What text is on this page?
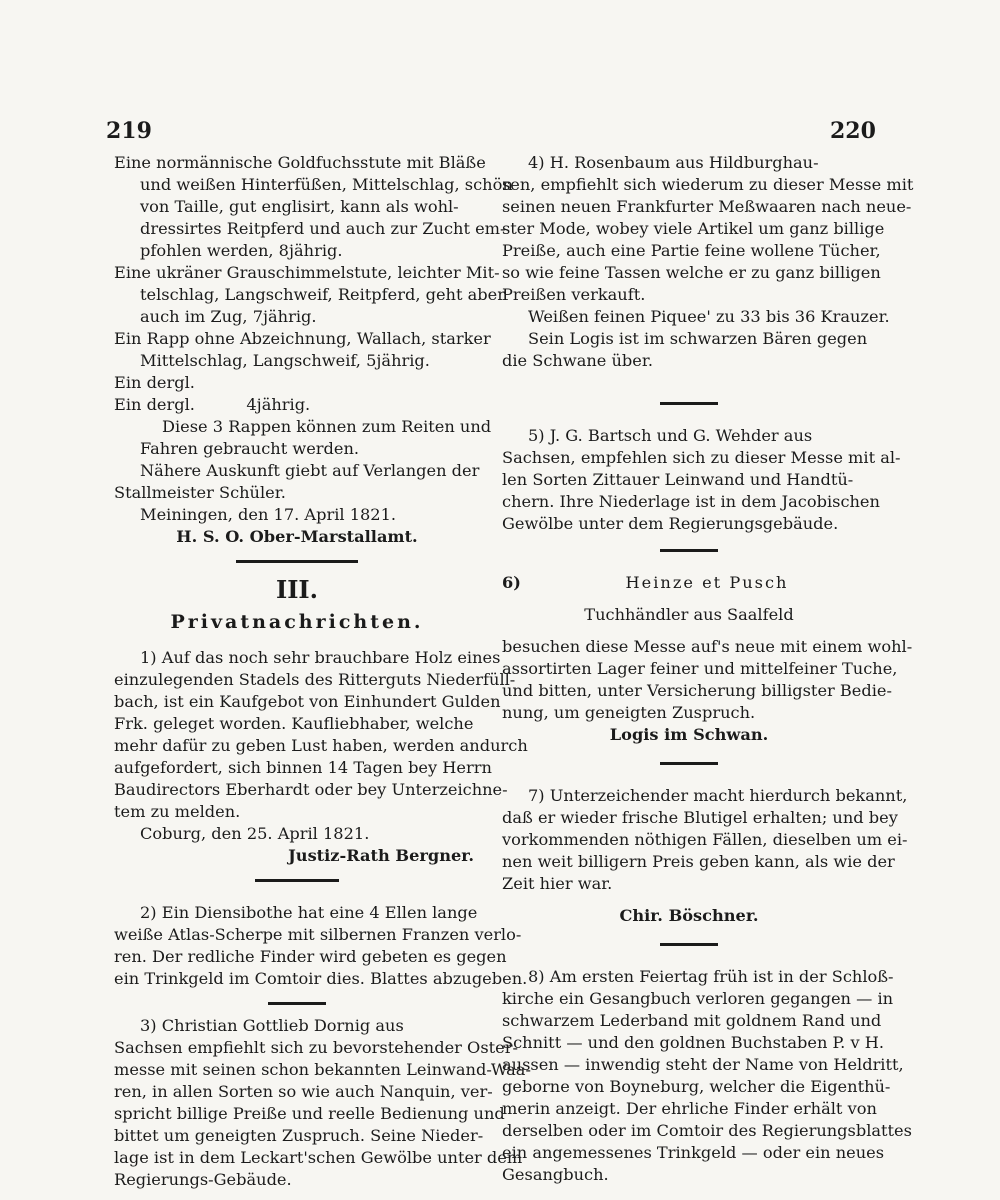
219	220
Eine normännische Goldfuchsstute mit Bläße
und weißen Hinterfüßen, Mittelschlag, schön
von Taille, gut englisirt, kann als wohl-
dressirtes Reitpferd und auch zur Zucht em-
pfohlen werden, 8jährig.
Eine ukräner Grauschimmelstute, leichter Mit-
telschlag, Langschweif, Reitpferd, geht aber
auch im Zug, 7jährig.
Ein Rapp ohne Abzeichnung, Wallach, starker
Mittelschlag, Langschweif, 5jährig.
Ein dergl.
Ein dergl.          4jährig.
Diese 3 Rappen können zum Reiten und
Fahren gebraucht werden.
Nähere Auskunft giebt auf Verlangen der
Stallmeister Schüler.
Meiningen, den 17. April 1821.
H. S. O. Ober-Marstallamt.
III.
Privatnachrichten.
1) Auf das noch sehr brauchbare Holz eines
einzulegenden Stadels des Ritterguts Niederfüll-
bach, ist ein Kaufgebot von Einhundert Gulden
Frk. geleget worden. Kaufliebhaber, welche
mehr dafür zu geben Lust haben, werden andurch
aufgefordert, sich binnen 14 Tagen bey Herrn
Baudirectors Eberhardt oder bey Unterzeichne-
tem zu melden.
Coburg, den 25. April 1821.
Justiz-Rath Bergner.
2) Ein Diensibothe hat eine 4 Ellen lange
weiße Atlas-Scherpe mit silbernen Franzen verlo-
ren. Der redliche Finder wird gebeten es gegen
ein Trinkgeld im Comtoir dies. Blattes abzugeben.
3) Christian Gottlieb Dornig aus
Sachsen empfiehlt sich zu bevorstehender Oster-
messe mit seinen schon bekannten Leinwand-Waa-
ren, in allen Sorten so wie auch Nanquin, ver-
spricht billige Preiße und reelle Bedienung und
bittet um geneigten Zuspruch. Seine Nieder-
lage ist in dem Leckart'schen Gewölbe unter dem
Regierungs-Gebäude.
4) H. Rosenbaum aus Hildburghau-
sen, empfiehlt sich wiederum zu dieser Messe mit
seinen neuen Frankfurter Meßwaaren nach neue-
ster Mode, wobey viele Artikel um ganz billige
Preiße, auch eine Partie feine wollene Tücher,
so wie feine Tassen welche er zu ganz billigen
Preißen verkauft.
Weißen feinen Piquee' zu 33 bis 36 Krauzer.
Sein Logis ist im schwarzen Bären gegen
die Schwane über.
5) J. G. Bartsch und G. Wehder aus
Sachsen, empfehlen sich zu dieser Messe mit al-
len Sorten Zittauer Leinwand und Handtü-
chern. Ihre Niederlage ist in dem Jacobischen
Gewölbe unter dem Regierungsgebäude.
6)	Heinze et Pusch
Tuchhändler aus Saalfeld
besuchen diese Messe auf's neue mit einem wohl-
assortirten Lager feiner und mittelfeiner Tuche,
und bitten, unter Versicherung billigster Bedie-
nung, um geneigten Zuspruch.
Logis im Schwan.
7) Unterzeichender macht hierdurch bekannt,
daß er wieder frische Blutigel erhalten; und bey
vorkommenden nöthigen Fällen, dieselben um ei-
nen weit billigern Preis geben kann, als wie der
Zeit hier war.
Chir. Böschner.
8) Am ersten Feiertag früh ist in der Schloß-
kirche ein Gesangbuch verloren gegangen — in
schwarzem Lederband mit goldnem Rand und
Schnitt — und den goldnen Buchstaben P. v H.
aussen — inwendig steht der Name von Heldritt,
geborne von Boyneburg, welcher die Eigenthü-
merin anzeigt. Der ehrliche Finder erhält von
derselben oder im Comtoir des Regierungsblattes
ein angemessenes Trinkgeld — oder ein neues
Gesangbuch.
